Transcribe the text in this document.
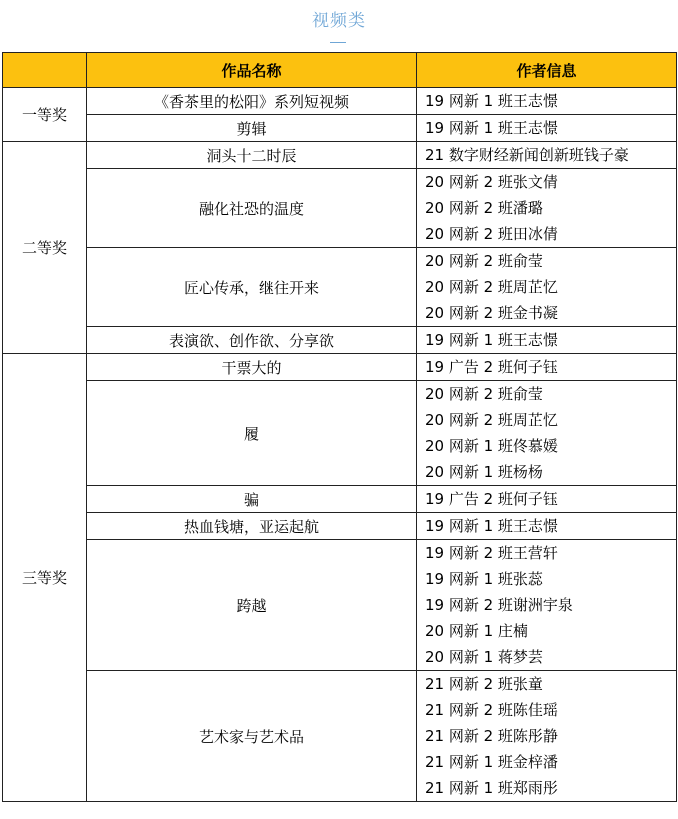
视频类
	作品名称	作者信息
一等奖	《香茶里的松阳》系列短视频	19 网新 1 班王志憬

	剪辑	19 网新 1 班王志憬

二等奖	洞头十二时辰	21 数字财经新闻创新班钱子豪

	融化社恐的温度	20 网新 2 班张文倩
20 网新 2 班潘璐
20 网新 2 班田冰倩

	匠心传承，继往开来	20 网新 2 班俞莹
20 网新 2 班周芷忆
20 网新 2 班金书凝

	表演欲、创作欲、分享欲	19 网新 1 班王志憬

三等奖	干票大的	19 广告 2 班何子钰

	履	20 网新 2 班俞莹
20 网新 2 班周芷忆
20 网新 1 班佟慕媛
20 网新 1 班杨杨

	骗	19 广告 2 班何子钰

	热血钱塘，亚运起航	19 网新 1 班王志憬

	跨越	19 网新 2 班王营轩
19 网新 1 班张蕊
19 网新 2 班谢洲宇泉
20 网新 1 庄楠
20 网新 1 蒋梦芸

	艺术家与艺术品	21 网新 2 班张童
21 网新 2 班陈佳瑶
21 网新 2 班陈彤静
21 网新 1 班金梓潘
21 网新 1 班郑雨彤
